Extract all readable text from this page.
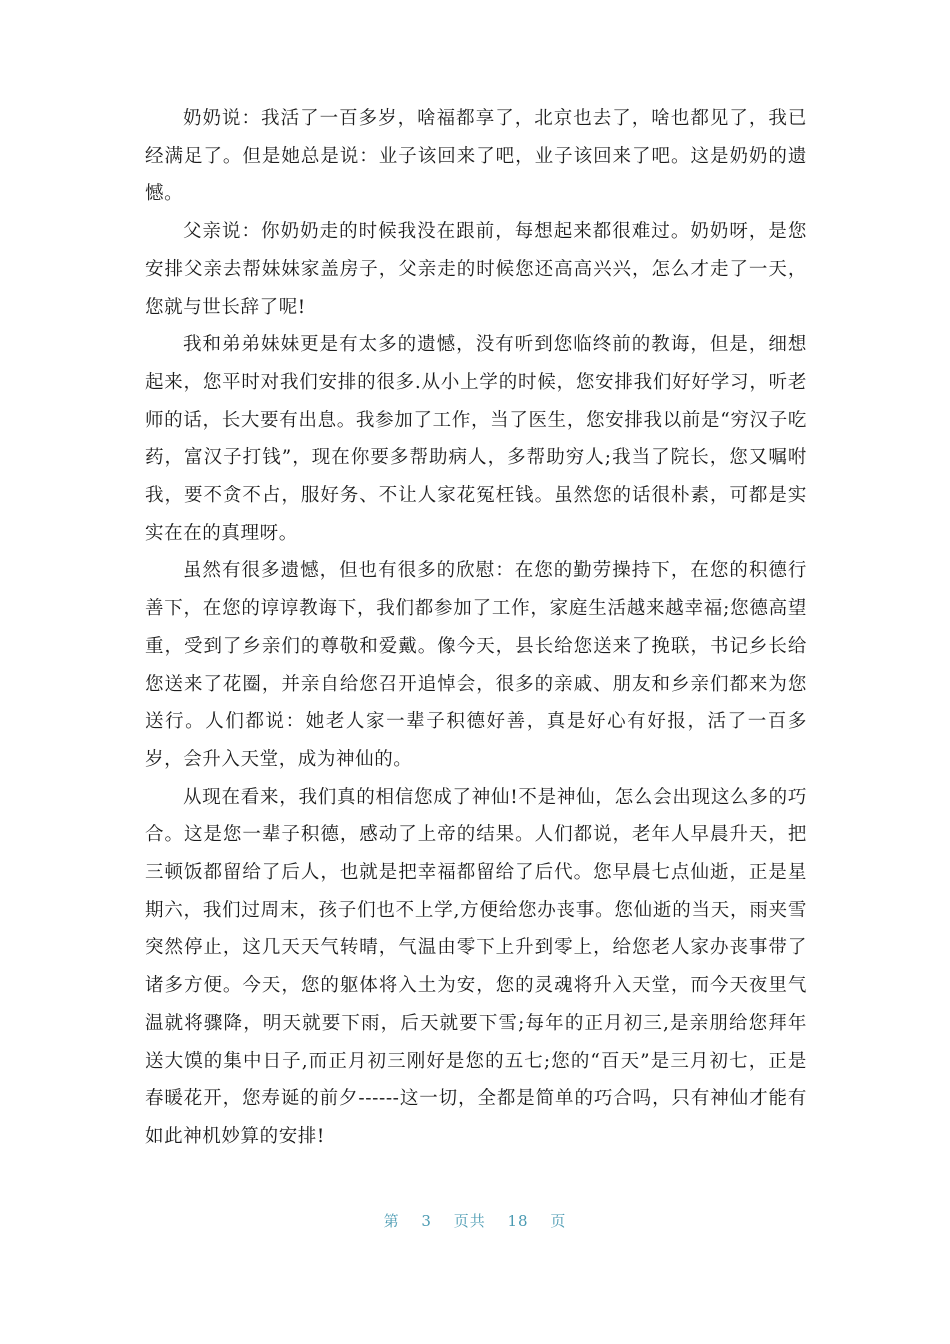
奶奶说：我活了一百多岁，啥福都享了，北京也去了，啥也都见了，我已经满足了。但是她总是说：业子该回来了吧，业子该回来了吧。这是奶奶的遗憾。

父亲说：你奶奶走的时候我没在跟前，每想起来都很难过。奶奶呀，是您安排父亲去帮妹妹家盖房子，父亲走的时候您还高高兴兴，怎么才走了一天，您就与世长辞了呢!

我和弟弟妹妹更是有太多的遗憾，没有听到您临终前的教诲，但是，细想起来，您平时对我们安排的很多.从小上学的时候，您安排我们好好学习，听老师的话，长大要有出息。我参加了工作，当了医生，您安排我以前是“穷汉子吃药，富汉子打钱”，现在你要多帮助病人，多帮助穷人;我当了院长，您又嘱咐我，要不贪不占，服好务、不让人家花冤枉钱。虽然您的话很朴素，可都是实实在在的真理呀。

虽然有很多遗憾，但也有很多的欣慰：在您的勤劳操持下，在您的积德行善下，在您的谆谆教诲下，我们都参加了工作，家庭生活越来越幸福;您德高望重，受到了乡亲们的尊敬和爱戴。像今天，县长给您送来了挽联，书记乡长给您送来了花圈，并亲自给您召开追悼会，很多的亲戚、朋友和乡亲们都来为您送行。人们都说：她老人家一辈子积德好善，真是好心有好报，活了一百多岁，会升入天堂，成为神仙的。

从现在看来，我们真的相信您成了神仙!不是神仙，怎么会出现这么多的巧合。这是您一辈子积德，感动了上帝的结果。人们都说，老年人早晨升天，把三顿饭都留给了后人，也就是把幸福都留给了后代。您早晨七点仙逝，正是星期六，我们过周末，孩子们也不上学,方便给您办丧事。您仙逝的当天，雨夹雪突然停止，这几天天气转晴，气温由零下上升到零上，给您老人家办丧事带了诸多方便。今天，您的躯体将入土为安，您的灵魂将升入天堂，而今天夜里气温就将骤降，明天就要下雨，后天就要下雪;每年的正月初三,是亲朋给您拜年送大馍的集中日子,而正月初三刚好是您的五七;您的“百天”是三月初七，正是春暖花开，您寿诞的前夕------这一切，全都是简单的巧合吗，只有神仙才能有如此神机妙算的安排!

第 3 页共 18 页
